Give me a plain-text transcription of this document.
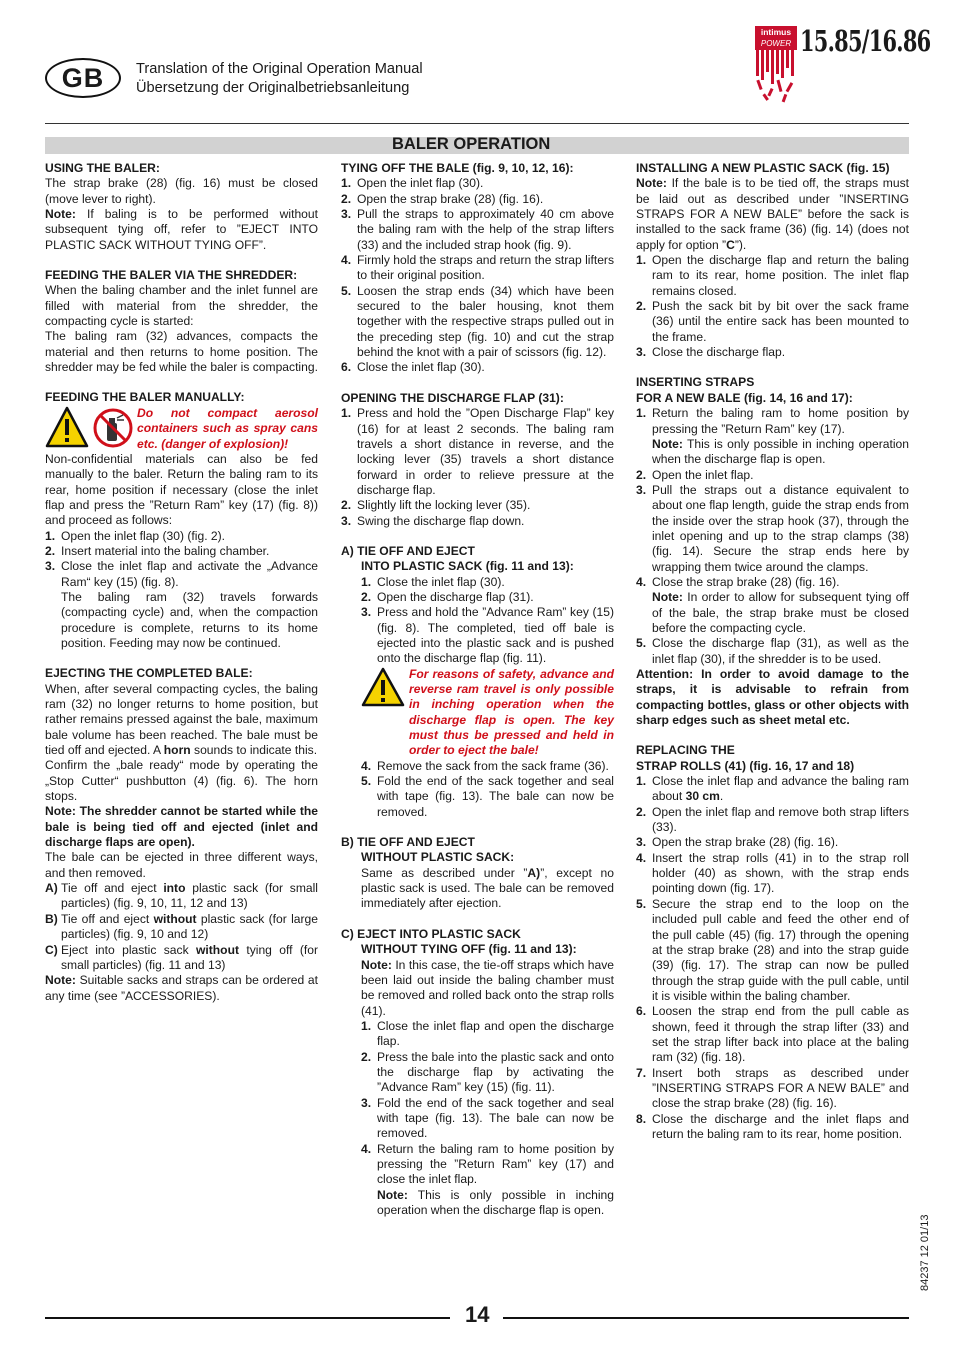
GB	Translation of the Original Operation Manual
Übersetzung der Originalbetriebsanleitung
intimus
POWER 15.85/16.86
BALER OPERATION

USING THE BALER:

The strap brake (28) (fig. 16) must be closed (move lever to right).

Note: If baling is to be performed without subsequent tying off, refer to ”EJECT INTO PLASTIC SACK WITHOUT TYING OFF”.

FEEDING THE BALER VIA THE SHREDDER:

When the baling chamber and the inlet funnel are filled with material from the shredder, the compacting cycle is started:

The baling ram (32) advances, compacts the material and then returns to home position. The shredder may be fed while the baler is compacting.

FEEDING THE BALER MANUALLY:

Do not compact aerosol containers such as spray cans etc. (danger of explosion)!

Non-confidential materials can also be fed manually to the baler. Return the baling ram to its rear, home position if necessary (close the inlet flap and press the ”Return Ram” key (17) (fig. 8)) and proceed as follows:

1. Open the inlet flap (30) (fig. 2).
2. Insert material into the baling chamber.
3. Close the inlet flap and activate the „Advance Ram“ key (15) (fig. 8).
The baling ram (32) travels forwards (compacting cycle) and, when the compaction procedure is complete, returns to its home position. Feeding may now be continued.

EJECTING THE COMPLETED BALE:

When, after several compacting cycles, the baling ram (32) no longer returns to home position, but rather remains pressed against the bale, maximum bale volume has been reached. The bale must be tied off and ejected. A horn sounds to indicate this.

Confirm the „bale ready“ mode by operating the „Stop Cutter“ pushbutton (4) (fig. 6). The horn stops.

Note: The shredder cannot be started while the bale is being tied off and ejected (inlet and discharge flaps are open).

The bale can be ejected in three different ways, and then removed.

A) Tie off and eject into plastic sack (for small particles) (fig. 9, 10, 11, 12 and 13)
B) Tie off and eject without plastic sack (for large particles) (fig. 9, 10 and 12)
C) Eject into plastic sack without tying off (for small particles) (fig. 11 and 13)

Note: Suitable sacks and straps can be ordered at any time (see ”ACCESSORIES).

TYING OFF THE BALE (fig. 9, 10, 12, 16):

1. Open the inlet flap (30).
2. Open the strap brake (28) (fig. 16).
3. Pull the straps to approximately 40 cm above the baling ram with the help of the strap lifters (33) and the included strap hook (fig. 9).
4. Firmly hold the straps and return the strap lifters to their original position.
5. Loosen the strap ends (34) which have been secured to the baler housing, knot them together with the respective straps pulled out in the preceding step (fig. 10) and cut the strap behind the knot with a pair of scissors (fig. 12).
6. Close the inlet flap (30).

OPENING THE DISCHARGE FLAP (31):

1. Press and hold the ”Open Discharge Flap” key (16) for at least 2 seconds. The baling ram travels a short distance in reverse, and the locking lever (35) travels a short distance forward in order to relieve pressure at the discharge flap.
2. Slightly lift the locking lever (35).
3. Swing the discharge flap down.

A) TIE OFF AND EJECT

INTO PLASTIC SACK (fig. 11 and 13):

1. Close the inlet flap (30).
2. Open the discharge flap (31).
3. Press and hold the ”Advance Ram” key (15) (fig. 8). The completed, tied off bale is ejected into the plastic sack and is pushed onto the discharge flap (fig. 11).
For reasons of safety, advance and reverse ram travel is only possible in inching operation when the discharge flap is open. The key must thus be pressed and held in order to eject the bale!
4. Remove the sack from the sack frame (36).
5. Fold the end of the sack together and seal with tape (fig. 13). The bale can now be removed.

B) TIE OFF AND EJECT

WITHOUT PLASTIC SACK:

Same as described under ”A)”, except no plastic sack is used. The bale can be removed immediately after ejection.

C) EJECT INTO PLASTIC SACK

WITHOUT TYING OFF (fig. 11 and 13):

Note: In this case, the tie-off straps which have been laid out inside the baling chamber must be removed and rolled back onto the strap rolls (41).

1. Close the inlet flap and open the discharge flap.
2. Press the bale into the plastic sack and onto the discharge flap by activating the ”Advance Ram” key (15) (fig. 11).
3. Fold the end of the sack together and seal with tape (fig. 13). The bale can now be removed.
4. Return the baling ram to home position by pressing the ”Return Ram” key (17) and close the inlet flap.
Note: This is only possible in inching operation when the discharge flap is open.

INSTALLING A NEW PLASTIC SACK (fig. 15)

Note: If the bale is to be tied off, the straps must be laid out as described under ”INSERTING STRAPS FOR A NEW BALE” before the sack is installed to the sack frame (36) (fig. 14) (does not apply for option ”C”).

1. Open the discharge flap and return the baling ram to its rear, home position. The inlet flap remains closed.
2. Push the sack bit by bit over the sack frame (36) until the entire sack has been mounted to the frame.
3. Close the discharge flap.

INSERTING STRAPS

FOR A NEW BALE (fig. 14, 16 and 17):

1. Return the baling ram to home position by pressing the ”Return Ram” key (17).
Note: This is only possible in inching operation when the discharge flap is open.
2. Open the inlet flap.
3. Pull the straps out a distance equivalent to about one flap length, guide the strap ends from the inside over the strap hook (37), through the inlet opening and up to the strap clamps (38) (fig. 14). Secure the strap ends here by wrapping them twice around the clamps.
4. Close the strap brake (28) (fig. 16).
Note: In order to allow for subsequent tying off of the bale, the strap brake must be closed before the compacting cycle.
5. Close the discharge flap (31), as well as the inlet flap (30), if the shredder is to be used.

Attention: In order to avoid damage to the straps, it is advisable to refrain from compacting bottles, glass or other objects with sharp edges such as sheet metal etc.

REPLACING THE

STRAP ROLLS (41) (fig. 16, 17 and 18)

1. Close the inlet flap and advance the baling ram about 30 cm.
2. Open the inlet flap and remove both strap lifters (33).
3. Open the strap brake (28) (fig. 16).
4. Insert the strap rolls (41) in to the strap roll holder (40) as shown, with the strap ends pointing down (fig. 17).
5. Secure the strap end to the loop on the included pull cable and feed the other end of the pull cable (45) (fig. 17) through the opening at the strap brake (28) and into the strap guide (39) (fig. 17). The strap can now be pulled through the strap guide with the pull cable, until it is visible within the baling chamber.
6. Loosen the strap end from the pull cable as shown, feed it through the strap lifter (33) and set the strap lifter back into place at the baling ram (32) (fig. 18).
7. Insert both straps as described under ”INSERTING STRAPS FOR A NEW BALE” and close the strap brake (28) (fig. 16).
8. Close the discharge and the inlet flaps and return the baling ram to its rear, home position.
84237 12 01/13
14
